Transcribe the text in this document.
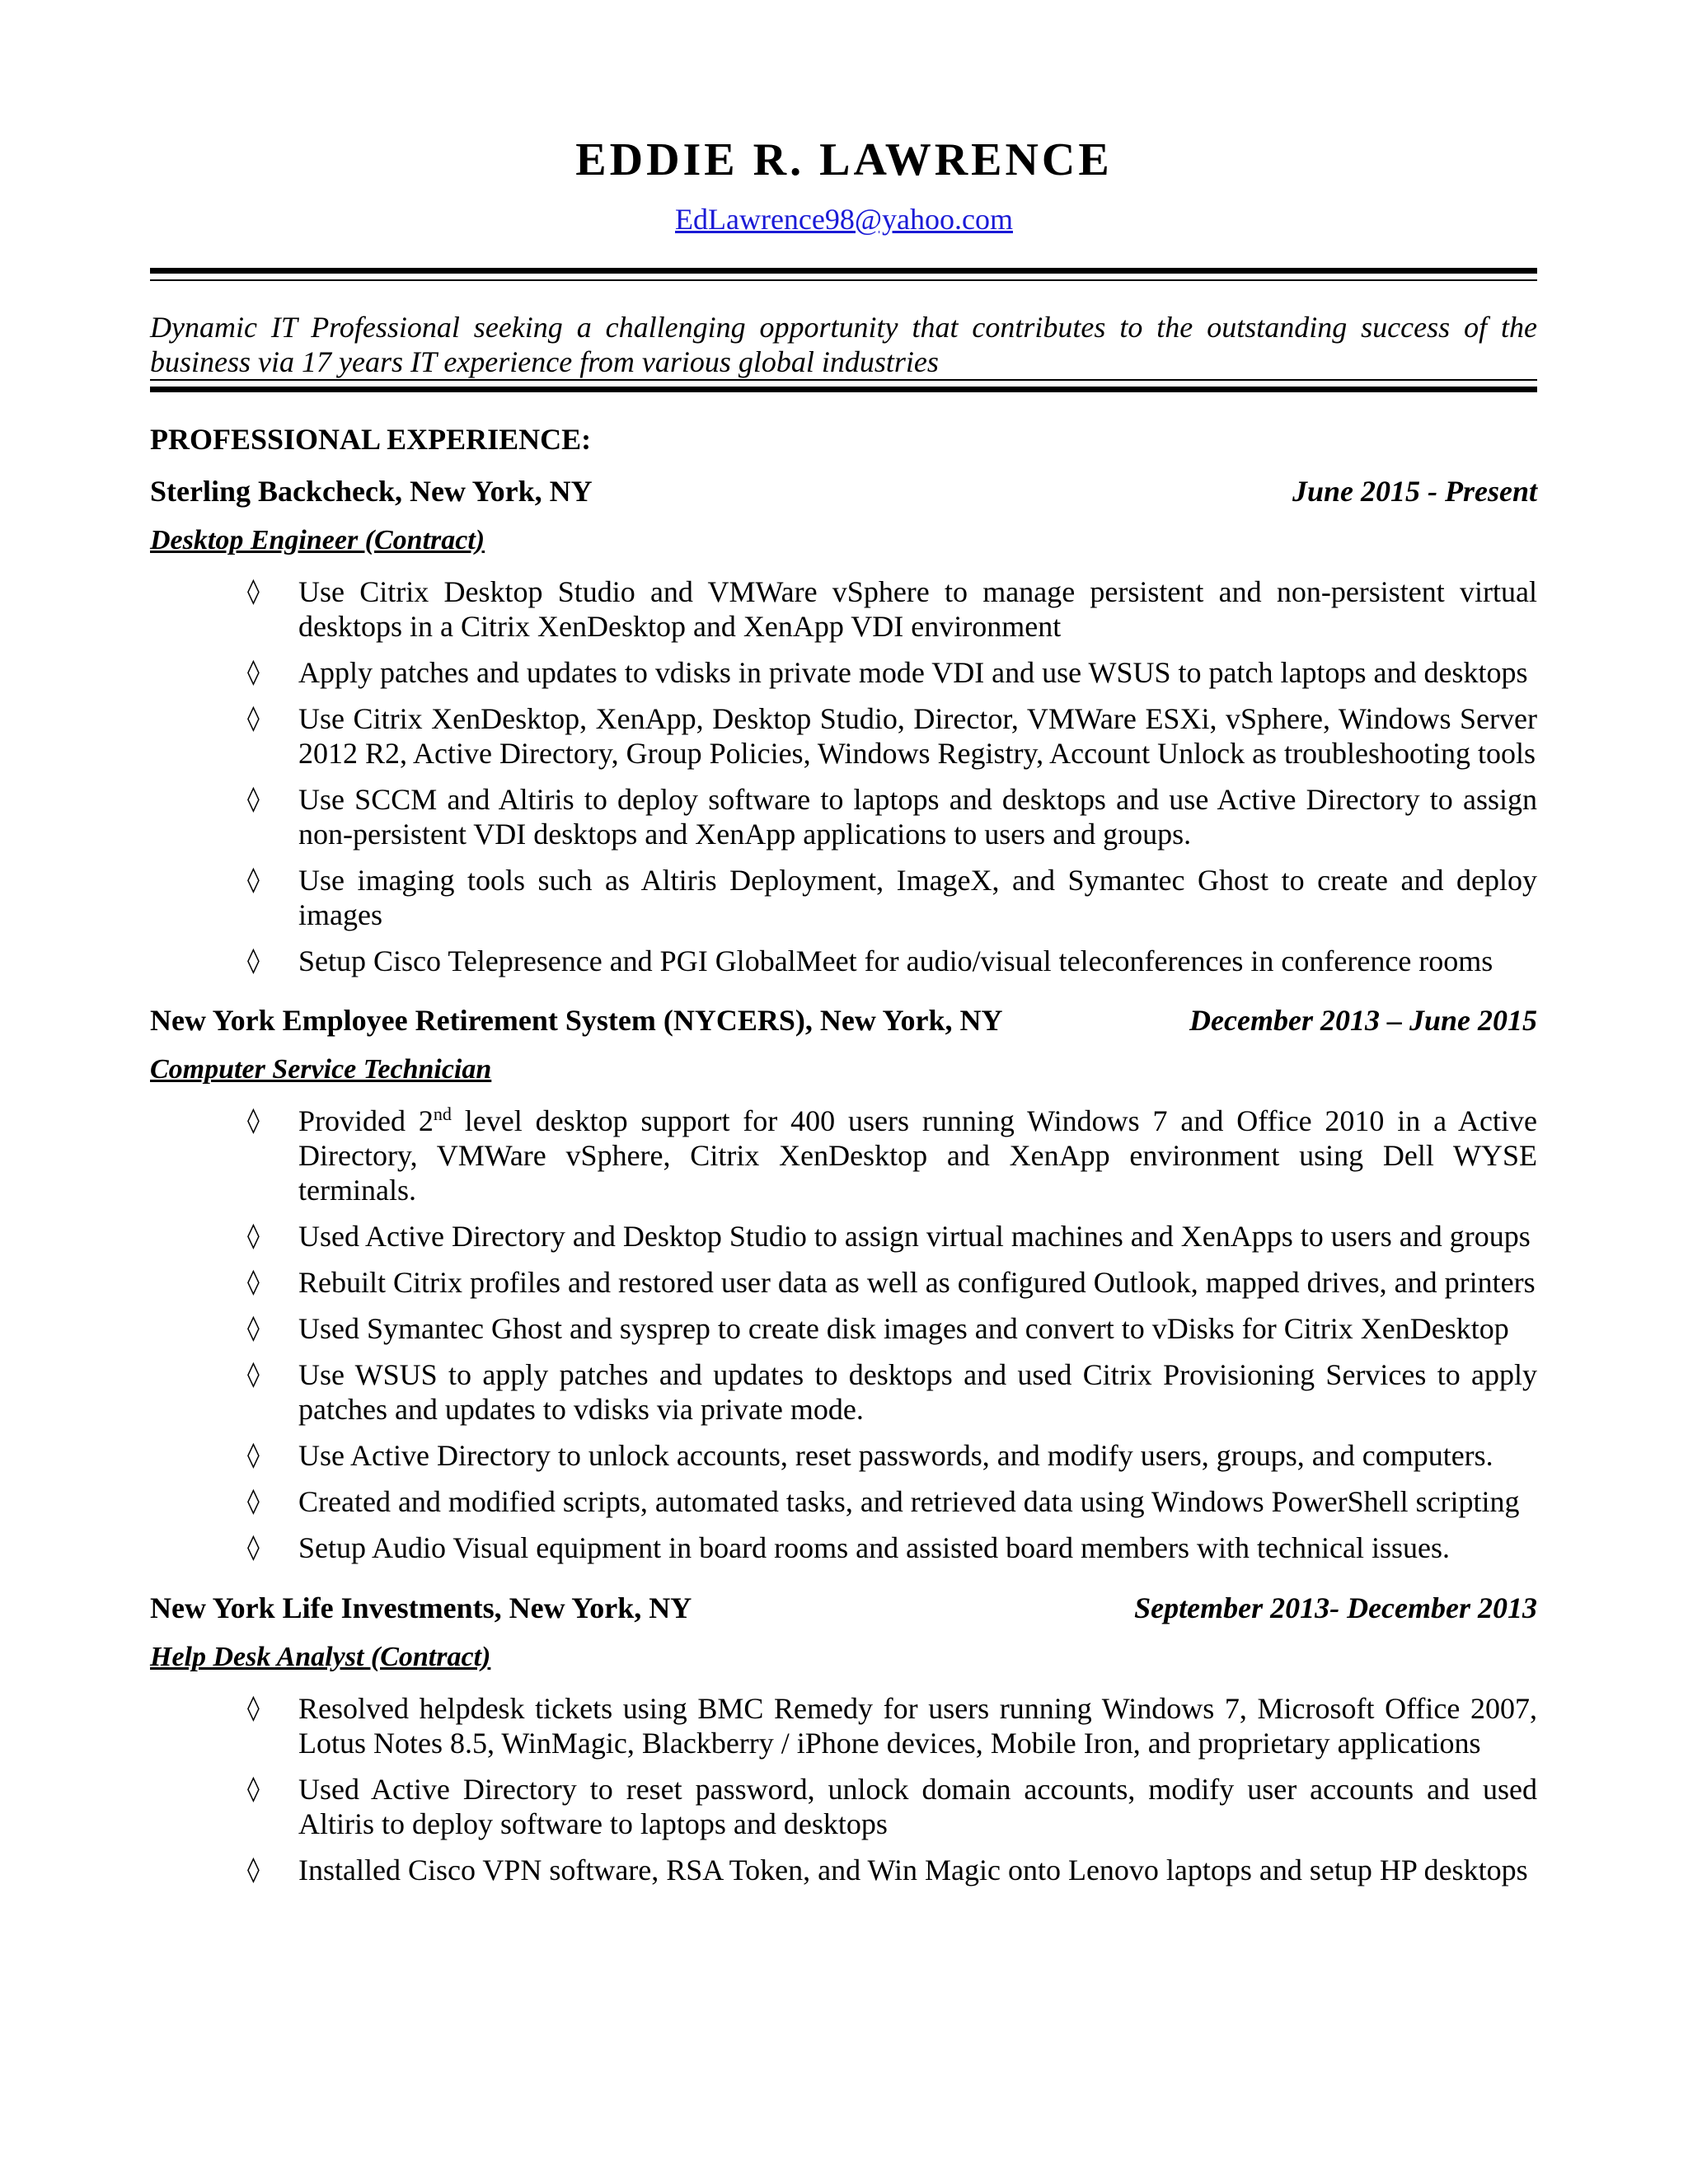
EDDIE R. LAWRENCE
EdLawrence98@yahoo.com
Dynamic IT Professional seeking a challenging opportunity that contributes to the outstanding success of the business via 17 years IT experience from various global industries
PROFESSIONAL EXPERIENCE:
Sterling Backcheck, New York, NY	June 2015 - Present
Desktop Engineer (Contract)
◊ Use Citrix Desktop Studio and VMWare vSphere to manage persistent and non-persistent virtual desktops in a Citrix XenDesktop and XenApp VDI environment
◊ Apply patches and updates to vdisks in private mode VDI and use WSUS to patch laptops and desktops
◊ Use Citrix XenDesktop, XenApp, Desktop Studio, Director, VMWare ESXi, vSphere, Windows Server 2012 R2, Active Directory, Group Policies, Windows Registry, Account Unlock as troubleshooting tools
◊ Use SCCM and Altiris to deploy software to laptops and desktops and use Active Directory to assign non-persistent VDI desktops and XenApp applications to users and groups.
◊ Use imaging tools such as Altiris Deployment, ImageX, and Symantec Ghost to create and deploy images
◊ Setup Cisco Telepresence and PGI GlobalMeet for audio/visual teleconferences in conference rooms
New York Employee Retirement System (NYCERS), New York, NY	December 2013 – June 2015
Computer Service Technician
◊ Provided 2nd level desktop support for 400 users running Windows 7 and Office 2010 in a Active Directory, VMWare vSphere, Citrix XenDesktop and XenApp environment using Dell WYSE terminals.
◊ Used Active Directory and Desktop Studio to assign virtual machines and XenApps to users and groups
◊ Rebuilt Citrix profiles and restored user data as well as configured Outlook, mapped drives, and printers
◊ Used Symantec Ghost and sysprep to create disk images and convert to vDisks for Citrix XenDesktop
◊ Use WSUS to apply patches and updates to desktops and used Citrix Provisioning Services to apply patches and updates to vdisks via private mode.
◊ Use Active Directory to unlock accounts, reset passwords, and modify users, groups, and computers.
◊ Created and modified scripts, automated tasks, and retrieved data using Windows PowerShell scripting
◊ Setup Audio Visual equipment in board rooms and assisted board members with technical issues.
New York Life Investments, New York, NY	September 2013- December 2013
Help Desk Analyst (Contract)
◊ Resolved helpdesk tickets using BMC Remedy for users running Windows 7, Microsoft Office 2007, Lotus Notes 8.5, WinMagic, Blackberry / iPhone devices, Mobile Iron, and proprietary applications
◊ Used Active Directory to reset password, unlock domain accounts, modify user accounts and used Altiris to deploy software to laptops and desktops
◊ Installed Cisco VPN software, RSA Token, and Win Magic onto Lenovo laptops and setup HP desktops
